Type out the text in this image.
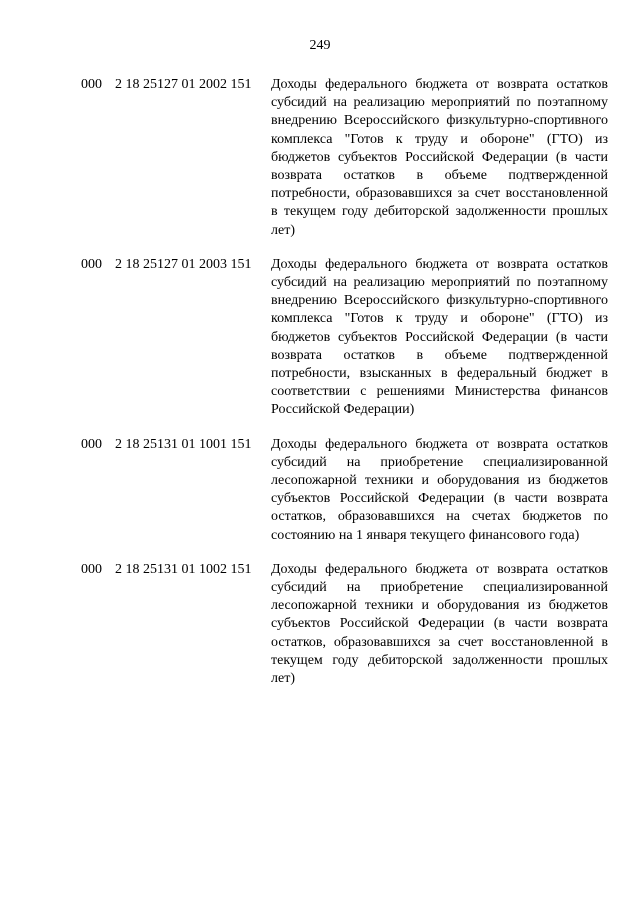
249
000 2 18 25127 01 2002 151 Доходы федерального бюджета от возврата остатков субсидий на реализацию мероприятий по поэтапному внедрению Всероссийского физкультурно-спортивного комплекса "Готов к труду и обороне" (ГТО) из бюджетов субъектов Российской Федерации (в части возврата остатков в объеме подтвержденной потребности, образовавшихся за счет восстановленной в текущем году дебиторской задолженности прошлых лет)
000 2 18 25127 01 2003 151 Доходы федерального бюджета от возврата остатков субсидий на реализацию мероприятий по поэтапному внедрению Всероссийского физкультурно-спортивного комплекса "Готов к труду и обороне" (ГТО) из бюджетов субъектов Российской Федерации (в части возврата остатков в объеме подтвержденной потребности, взысканных в федеральный бюджет в соответствии с решениями Министерства финансов Российской Федерации)
000 2 18 25131 01 1001 151 Доходы федерального бюджета от возврата остатков субсидий на приобретение специализированной лесопожарной техники и оборудования из бюджетов субъектов Российской Федерации (в части возврата остатков, образовавшихся на счетах бюджетов по состоянию на 1 января текущего финансового года)
000 2 18 25131 01 1002 151 Доходы федерального бюджета от возврата остатков субсидий на приобретение специализированной лесопожарной техники и оборудования из бюджетов субъектов Российской Федерации (в части возврата остатков, образовавшихся за счет восстановленной в текущем году дебиторской задолженности прошлых лет)
